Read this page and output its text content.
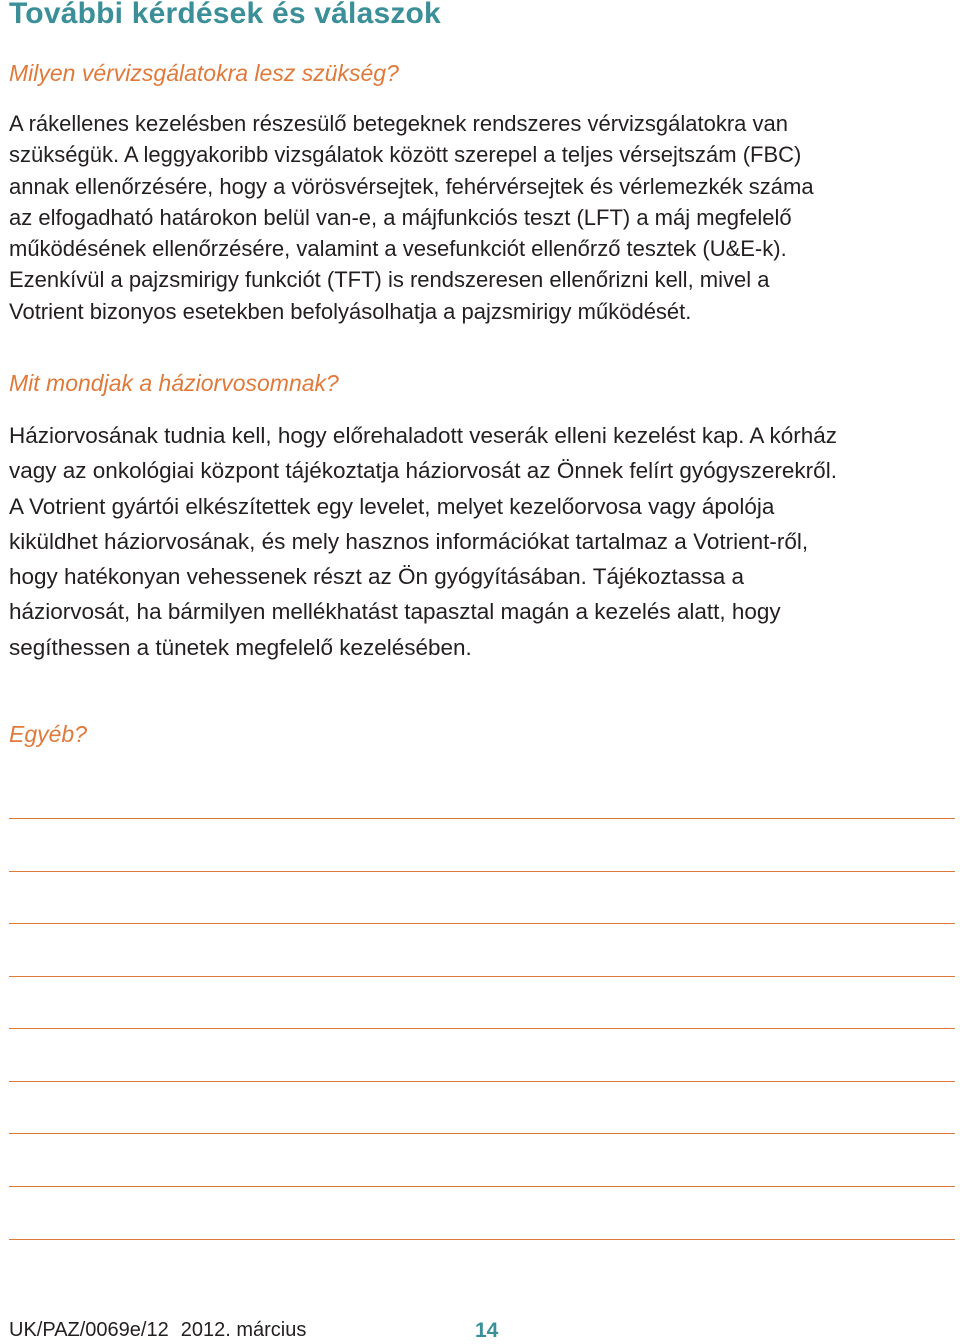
További kérdések és válaszok
Milyen vérvizsgálatokra lesz szükség?
A rákellenes kezelésben részesülő betegeknek rendszeres vérvizsgálatokra van
szükségük. A leggyakoribb vizsgálatok között szerepel a teljes vérsejtszám (FBC)
annak ellenőrzésére, hogy a vörösvérsejtek, fehérvérsejtek és vérlemezkék száma
az elfogadható határokon belül van-e, a májfunkciós teszt (LFT) a máj megfelelő
működésének ellenőrzésére, valamint a vesefunkciót ellenőrző tesztek (U&E-k).
Ezenkívül a pajzsmirigy funkciót (TFT) is rendszeresen ellenőrizni kell, mivel a
Votrient bizonyos esetekben befolyásolhatja a pajzsmirigy működését.
Mit mondjak a háziorvosomnak?
Háziorvosának tudnia kell, hogy előrehaladott veserák elleni kezelést kap. A kórház
vagy az onkológiai központ tájékoztatja háziorvosát az Önnek felírt gyógyszerekről.
A Votrient gyártói elkészítettek egy levelet, melyet kezelőorvosa vagy ápolója
kiküldhet háziorvosának, és mely hasznos információkat tartalmaz a Votrient-ről,
hogy hatékonyan vehessenek részt az Ön gyógyításában. Tájékoztassa a
háziorvosát, ha bármilyen mellékhatást tapasztal magán a kezelés alatt, hogy
segíthessen a tünetek megfelelő kezelésében.
Egyéb?
UK/PAZ/0069e/12 2012. március	14
